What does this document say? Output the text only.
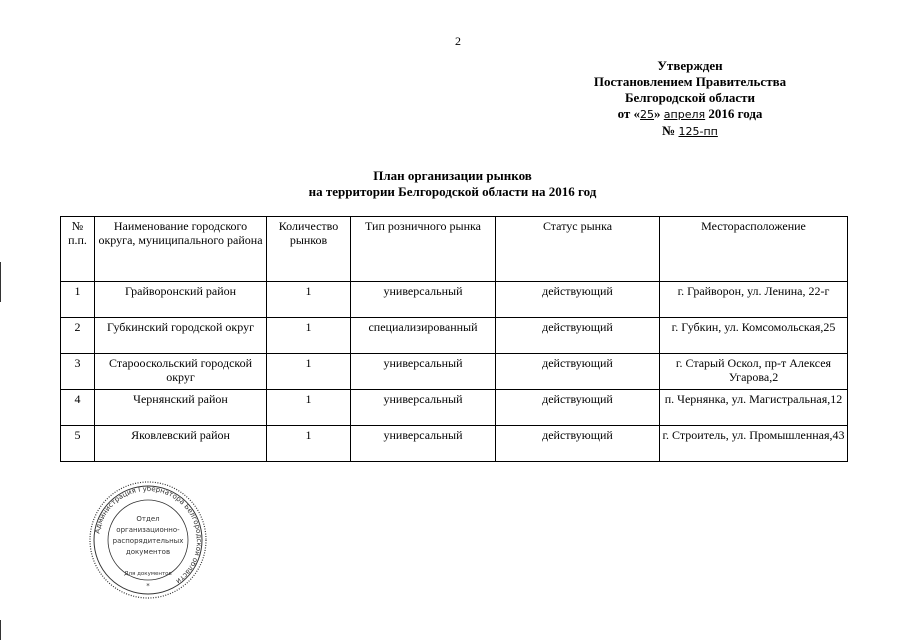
2
Утвержден
Постановлением Правительства
Белгородской области
от «25» апреля 2016 года
№ 125-пп
План организации рынков
на территории Белгородской области на 2016 год
№ п.п.	Наименование городского округа, муниципального района	Количество рынков	Тип розничного рынка	Статус рынка	Месторасположение
1	Грайворонский район	1	универсальный	действующий	г. Грайворон, ул. Ленина, 22-г
2	Губкинский городской округ	1	специализированный	действующий	г. Губкин, ул. Комсомольская,25
3	Старооскольский городской округ	1	универсальный	действующий	г. Старый Оскол, пр-т Алексея Угарова,2
4	Чернянский район	1	универсальный	действующий	п. Чернянка, ул. Магистральная,12
5	Яковлевский район	1	универсальный	действующий	г. Строитель, ул. Промышленная,43
Администрация Губернатора Белгородской области
Отдел
организационно-
распорядительных
документов
Для документов
*
